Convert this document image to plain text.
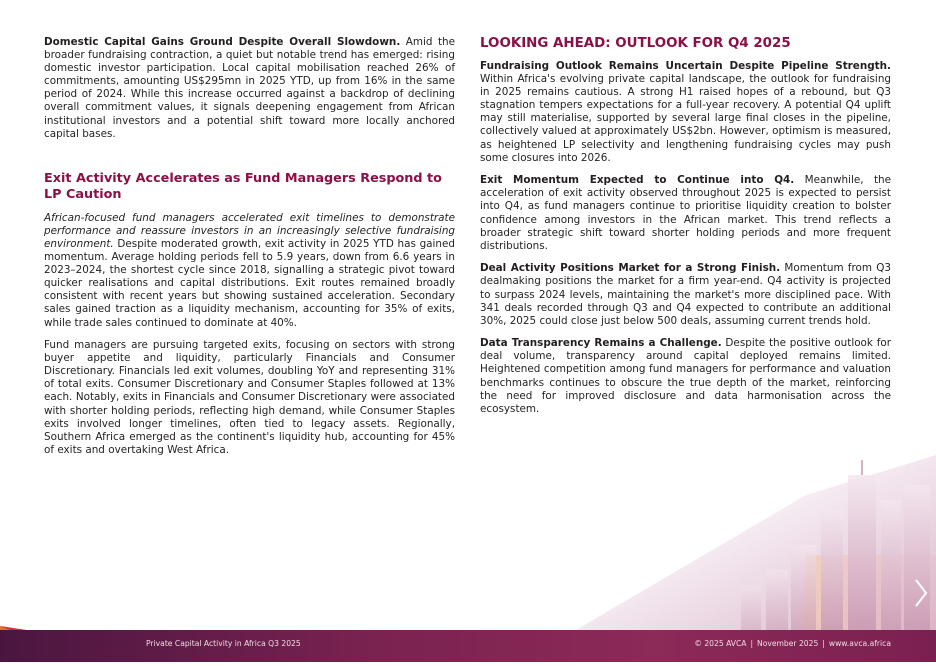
Domestic Capital Gains Ground Despite Overall Slowdown. Amid the broader fundraising contraction, a quiet but notable trend has emerged: rising domestic investor participation. Local capital mobilisation reached 26% of commitments, amounting US$295mn in 2025 YTD, up from 16% in the same period of 2024. While this increase occurred against a backdrop of declining overall commitment values, it signals deepening engagement from African institutional investors and a potential shift toward more locally anchored capital bases.

Exit Activity Accelerates as Fund Managers Respond to LP Caution

African-focused fund managers accelerated exit timelines to demonstrate performance and reassure investors in an increasingly selective fundraising environment. Despite moderated growth, exit activity in 2025 YTD has gained momentum. Average holding periods fell to 5.9 years, down from 6.6 years in 2023–2024, the shortest cycle since 2018, signalling a strategic pivot toward quicker realisations and capital distributions. Exit routes remained broadly consistent with recent years but showing sustained acceleration. Secondary sales gained traction as a liquidity mechanism, accounting for 35% of exits, while trade sales continued to dominate at 40%.

Fund managers are pursuing targeted exits, focusing on sectors with strong buyer appetite and liquidity, particularly Financials and Consumer Discretionary. Financials led exit volumes, doubling YoY and representing 31% of total exits. Consumer Discretionary and Consumer Staples followed at 13% each. Notably, exits in Financials and Consumer Discretionary were associated with shorter holding periods, reflecting high demand, while Consumer Staples exits involved longer timelines, often tied to legacy assets. Regionally, Southern Africa emerged as the continent's liquidity hub, accounting for 45% of exits and overtaking West Africa.

LOOKING AHEAD: OUTLOOK FOR Q4 2025

Fundraising Outlook Remains Uncertain Despite Pipeline Strength. Within Africa's evolving private capital landscape, the outlook for fundraising in 2025 remains cautious. A strong H1 raised hopes of a rebound, but Q3 stagnation tempers expectations for a full-year recovery. A potential Q4 uplift may still materialise, supported by several large final closes in the pipeline, collectively valued at approximately US$2bn. However, optimism is measured, as heightened LP selectivity and lengthening fundraising cycles may push some closures into 2026.

Exit Momentum Expected to Continue into Q4. Meanwhile, the acceleration of exit activity observed throughout 2025 is expected to persist into Q4, as fund managers continue to prioritise liquidity creation to bolster confidence among investors in the African market. This trend reflects a broader strategic shift toward shorter holding periods and more frequent distributions.

Deal Activity Positions Market for a Strong Finish. Momentum from Q3 dealmaking positions the market for a firm year-end. Q4 activity is projected to surpass 2024 levels, maintaining the market's more disciplined pace. With 341 deals recorded through Q3 and Q4 expected to contribute an additional 30%, 2025 could close just below 500 deals, assuming current trends hold.

Data Transparency Remains a Challenge. Despite the positive outlook for deal volume, transparency around capital deployed remains limited. Heightened competition among fund managers for performance and valuation benchmarks continues to obscure the true depth of the market, reinforcing the need for improved disclosure and data harmonisation across the ecosystem.

Private Capital Activity in Africa Q3 2025	© 2025 AVCA | November 2025 | www.avca.africa
